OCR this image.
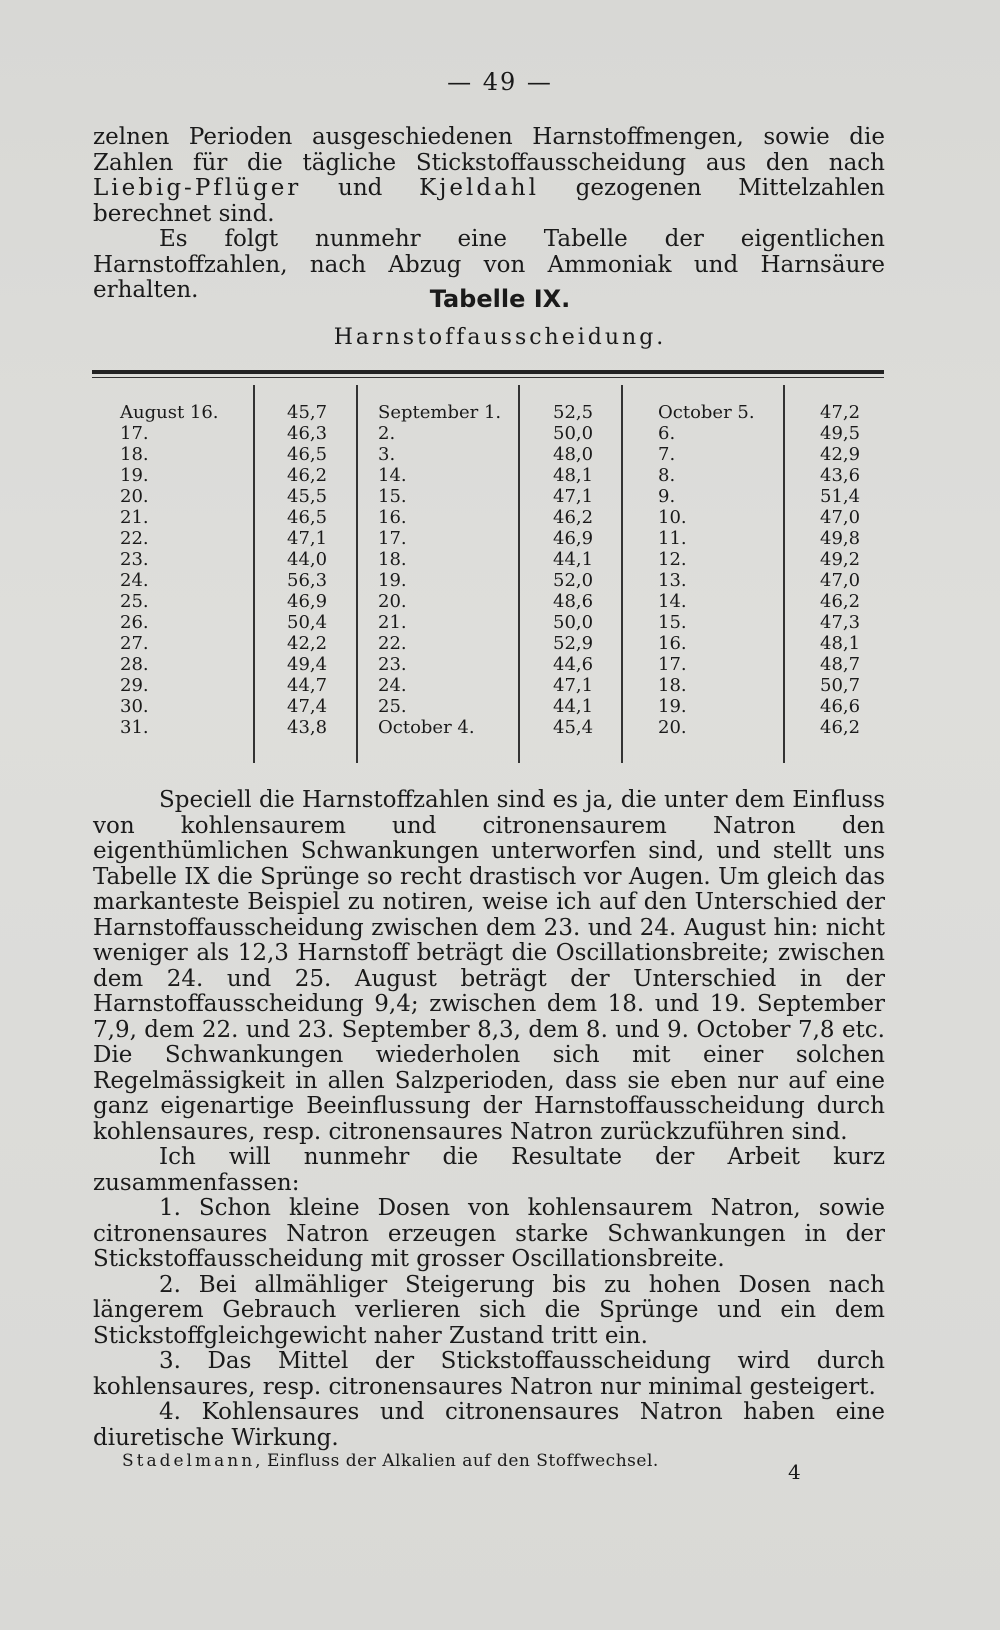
— 49 —

zelnen Perioden ausgeschiedenen Harnstoffmengen, sowie die Zahlen für die tägliche Stickstoffausscheidung aus den nach Liebig-Pflüger und Kjeldahl gezogenen Mittelzahlen berechnet sind.

Es folgt nunmehr eine Tabelle der eigentlichen Harnstoffzahlen, nach Abzug von Ammoniak und Harnsäure erhalten.	Tabelle IX.
Harnstoffausscheidung.
August 16.
17.
18.
19.
20.
21.
22.
23.
24.
25.
26.
27.
28.
29.
30.
31.
45,7
46,3
46,5
46,2
45,5
46,5
47,1
44,0
56,3
46,9
50,4
42,2
49,4
44,7
47,4
43,8
September 1.
2.
3.
14.
15.
16.
17.
18.
19.
20.
21.
22.
23.
24.
25.
October 4.
52,5
50,0
48,0
48,1
47,1
46,2
46,9
44,1
52,0
48,6
50,0
52,9
44,6
47,1
44,1
45,4
October 5.
6.
7.
8.
9.
10.
11.
12.
13.
14.
15.
16.
17.
18.
19.
20.
47,2
49,5
42,9
43,6
51,4
47,0
49,8
49,2
47,0
46,2
47,3
48,1
48,7
50,7
46,6
46,2

Speciell die Harnstoffzahlen sind es ja, die unter dem Einfluss von kohlensaurem und citronensaurem Natron den eigenthümlichen Schwankungen unterworfen sind, und stellt uns Tabelle IX die Sprünge so recht drastisch vor Augen. Um gleich das markanteste Beispiel zu notiren, weise ich auf den Unterschied der Harnstoffausscheidung zwischen dem 23. und 24. August hin: nicht weniger als 12,3 Harnstoff beträgt die Oscillationsbreite; zwischen dem 24. und 25. August beträgt der Unterschied in der Harnstoffausscheidung 9,4; zwischen dem 18. und 19. September 7,9, dem 22. und 23. September 8,3, dem 8. und 9. October 7,8 etc. Die Schwankungen wiederholen sich mit einer solchen Regelmässigkeit in allen Salzperioden, dass sie eben nur auf eine ganz eigenartige Beeinflussung der Harnstoffausscheidung durch kohlensaures, resp. citronensaures Natron zurückzuführen sind.

Ich will nunmehr die Resultate der Arbeit kurz zusammenfassen:

1. Schon kleine Dosen von kohlensaurem Natron, sowie citronensaures Natron erzeugen starke Schwankungen in der Stickstoffausscheidung mit grosser Oscillationsbreite.

2. Bei allmähliger Steigerung bis zu hohen Dosen nach längerem Gebrauch verlieren sich die Sprünge und ein dem Stickstoffgleichgewicht naher Zustand tritt ein.

3. Das Mittel der Stickstoffausscheidung wird durch kohlensaures, resp. citronensaures Natron nur minimal gesteigert.

4. Kohlensaures und citronensaures Natron haben eine diuretische Wirkung.

Stadelmann, Einfluss der Alkalien auf den Stoffwechsel.	4
